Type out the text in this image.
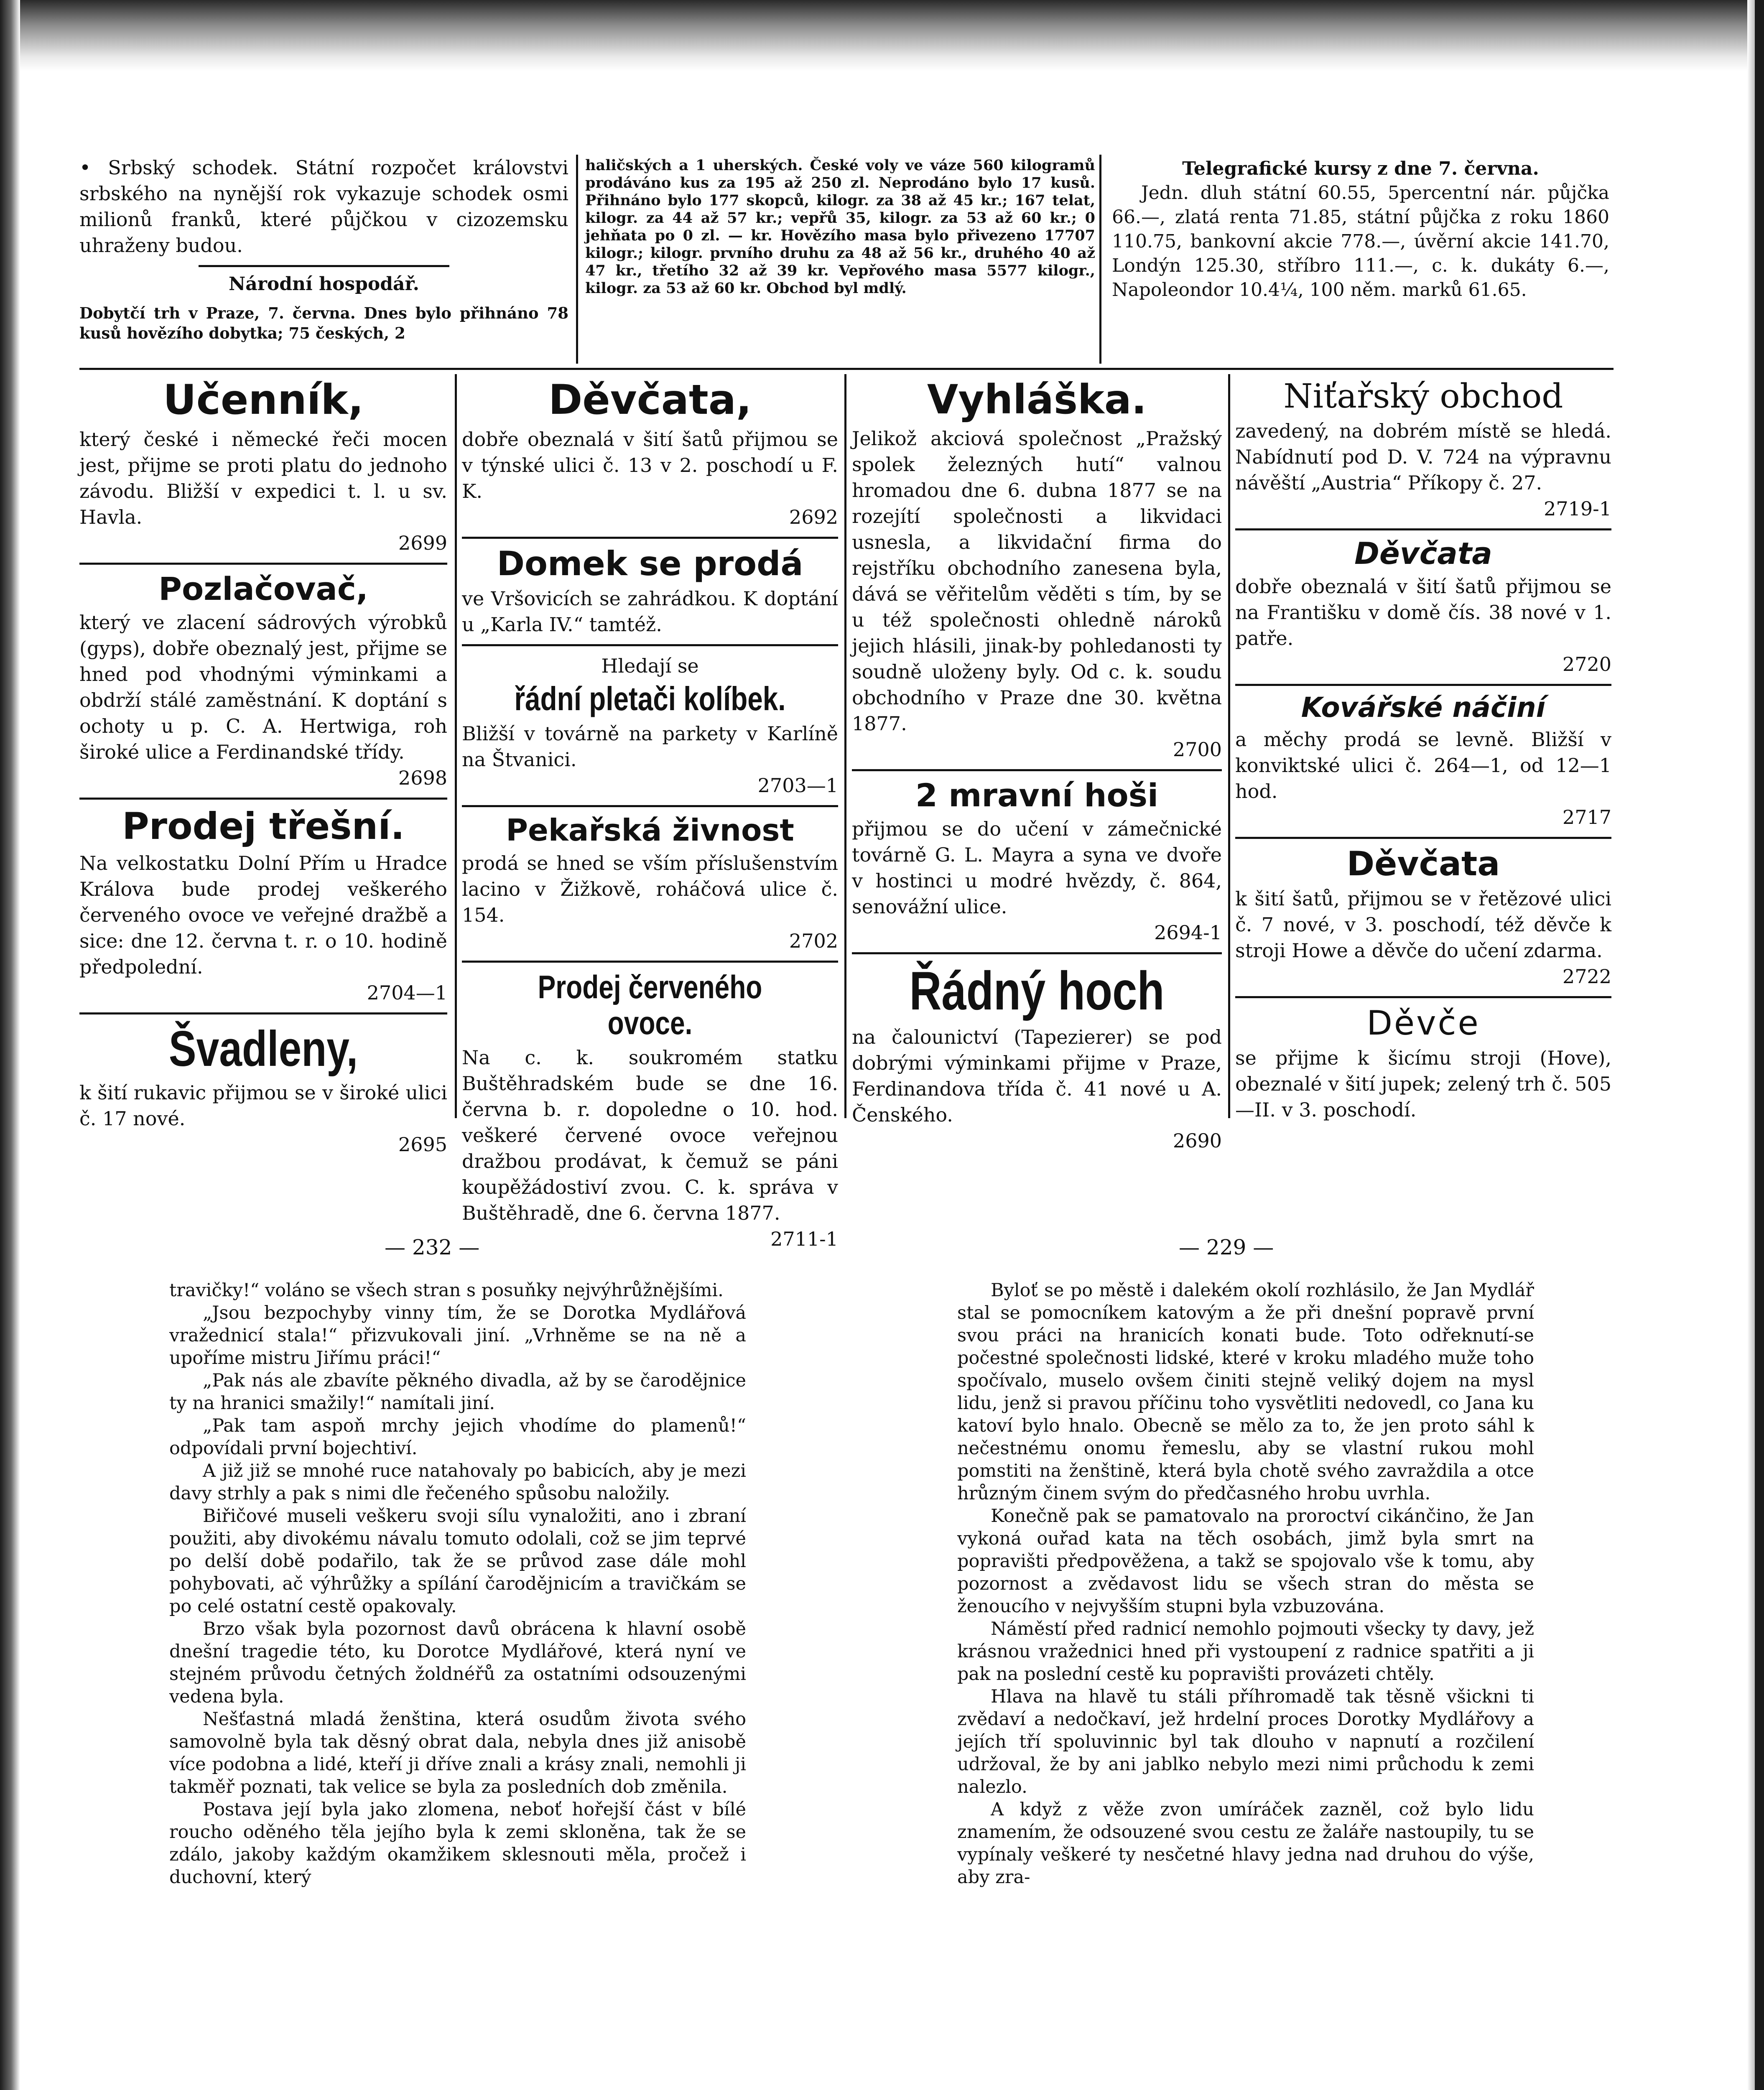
• Srbský schodek. Státní rozpočet královstvi srbského na nynější rok vykazuje schodek osmi milionů franků, které půjčkou v cizozemsku uhraženy budou.

Národní hospodář.

Dobytčí trh v Praze, 7. června. Dnes bylo přihnáno 78 kusů hovězího dobytka; 75 českých, 2

haličských a 1 uherských. České voly ve váze 560 kilogramů prodáváno kus za 195 až 250 zl. Neprodáno bylo 17 kusů. Přihnáno bylo 177 skopců, kilogr. za 38 až 45 kr.; 167 telat, kilogr. za 44 až 57 kr.; vepřů 35, kilogr. za 53 až 60 kr.; 0 jehňata po 0 zl. — kr. Hovězího masa bylo přivezeno 17707 kilogr.; kilogr. prvního druhu za 48 až 56 kr., druhého 40 až 47 kr., třetího 32 až 39 kr. Vepřového masa 5577 kilogr., kilogr. za 53 až 60 kr. Obchod byl mdlý.

Telegrafické kursy z dne 7. června.

Jedn. dluh státní 60.55, 5percentní nár. půjčka 66.—, zlatá renta 71.85, státní půjčka z roku 1860 110.75, bankovní akcie 778.—, úvěrní akcie 141.70, Londýn 125.30, stříbro 111.—, c. k. dukáty 6.—, Napoleondor 10.4¼, 100 něm. marků 61.65.

Učenník,

který české i německé řeči mocen jest, přijme se proti platu do jednoho závodu. Bližší v expedici t. l. u sv. Havla.

2699

Pozlačovač,

který ve zlacení sádrových výrobků (gyps), dobře obeznalý jest, přijme se hned pod vhodnými výminkami a obdrží stálé zaměstnání. K doptání s ochoty u p. C. A. Hertwiga, roh široké ulice a Ferdinandské třídy.

2698

Prodej třešní.

Na velkostatku Dolní Přím u Hradce Králova bude prodej veškerého červeného ovoce ve veřejné dražbě a sice: dne 12. června t. r. o 10. hodině předpolední.

2704—1

Švadleny,

k šití rukavic přijmou se v široké ulici č. 17 nové.

2695

Děvčata,

dobře obeznalá v šití šatů přijmou se v týnské ulici č. 13 v 2. poschodí u F. K.

2692

Domek se prodá

ve Vršovicích se zahrádkou. K doptání u „Karla IV.“ tamtéž.

Hledají se

řádní pletači kolíbek.

Bližší v továrně na parkety v Karlíně na Štvanici.

2703—1

Pekařská živnost

prodá se hned se vším příslušenstvím lacino v Žižkově, roháčová ulice č. 154.

2702

Prodej červeného ovoce.

Na c. k. soukromém statku Buštěhradském bude se dne 16. června b. r. dopoledne o 10. hod. veškeré červené ovoce veřejnou dražbou prodávat, k čemuž se páni koupěžádostiví zvou. C. k. správa v Buštěhradě, dne 6. června 1877.

2711-1

Vyhláška.

Jelikož akciová společnost „Pražský spolek železných hutí“ valnou hromadou dne 6. dubna 1877 se na rozejítí společnosti a likvidaci usnesla, a likvidační firma do rejstříku obchodního zanesena byla, dává se věřitelům věděti s tím, by se u též společnosti ohledně nároků jejich hlásili, jinak-by pohledanosti ty soudně uloženy byly. Od c. k. soudu obchodního v Praze dne 30. května 1877.

2700

2 mravní hoši

přijmou se do učení v zámečnické továrně G. L. Mayra a syna ve dvoře v hostinci u modré hvězdy, č. 864, senovážní ulice.

2694-1

Řádný hoch

na čalounictví (Tapezierer) se pod dobrými výminkami přijme v Praze, Ferdinandova třída č. 41 nové u A. Čenského.

2690

Niťařský obchod

zavedený, na dobrém místě se hledá. Nabídnutí pod D. V. 724 na výpravnu návěští „Austria“ Příkopy č. 27.

2719-1

Děvčata

dobře obeznalá v šití šatů přijmou se na Františku v domě čís. 38 nové v 1. patře.

2720

Kovářské náčiní

a měchy prodá se levně. Bližší v konviktské ulici č. 264—1, od 12—1 hod.

2717

Děvčata

k šití šatů, přijmou se v řetězové ulici č. 7 nové, v 3. poschodí, též děvče k stroji Howe a děvče do učení zdarma.

2722

Děvče

se přijme k šicímu stroji (Hove), obeznalé v šití jupek; zelený trh č. 505—II. v 3. poschodí.

— 232 —	— 229 —

travičky!“ voláno se všech stran s posuňky nejvýhrůžnějšími.

„Jsou bezpochyby vinny tím, že se Dorotka Mydlářová vražednicí stala!“ přizvukovali jiní. „Vrhněme se na ně a upoříme mistru Jiřímu práci!“

„Pak nás ale zbavíte pěkného divadla, až by se čarodějnice ty na hranici smažily!“ namítali jiní.

„Pak tam aspoň mrchy jejich vhodíme do plamenů!“ odpovídali první bojechtiví.

A již již se mnohé ruce natahovaly po babicích, aby je mezi davy strhly a pak s nimi dle řečeného spůsobu naložily.

Biřičové museli veškeru svoji sílu vynaložiti, ano i zbraní použiti, aby divokému návalu tomuto odolali, což se jim teprvé po delší době podařilo, tak že se průvod zase dále mohl pohybovati, ač výhrůžky a spílání čarodějnicím a travičkám se po celé ostatní cestě opakovaly.

Brzo však byla pozornost davů obrácena k hlavní osobě dnešní tragedie této, ku Dorotce Mydlářové, která nyní ve stejném průvodu četných žoldnéřů za ostatními odsouzenými vedena byla.

Nešťastná mladá ženština, která osudům života svého samovolně byla tak děsný obrat dala, nebyla dnes již anisobě více podobna a lidé, kteří ji dříve znali a krásy znali, nemohli ji takměř poznati, tak velice se byla za posledních dob změnila.

Postava její byla jako zlomena, neboť hořejší část v bílé roucho oděného těla jejího byla k zemi skloněna, tak že se zdálo, jakoby každým okamžikem sklesnouti měla, pročež i duchovní, který

Byloť se po městě i dalekém okolí rozhlásilo, že Jan Mydlář stal se pomocníkem katovým a že při dnešní popravě první svou práci na hranicích konati bude. Toto odřeknutí-se počestné společnosti lidské, které v kroku mladého muže toho spočívalo, muselo ovšem činiti stejně veliký dojem na mysl lidu, jenž si pravou příčinu toho vysvětliti nedovedl, co Jana ku katoví bylo hnalo. Obecně se mělo za to, že jen proto sáhl k nečestnému onomu řemeslu, aby se vlastní rukou mohl pomstiti na ženštině, která byla chotě svého zavraždila a otce hrůzným činem svým do předčasného hrobu uvrhla.

Konečně pak se pamatovalo na proroctví cikánčino, že Jan vykoná ouřad kata na těch osobách, jimž byla smrt na popravišti předpověžena, a takž se spojovalo vše k tomu, aby pozornost a zvědavost lidu se všech stran do města se ženoucího v nejvyšším stupni byla vzbuzována.

Náměstí před radnicí nemohlo pojmouti všecky ty davy, jež krásnou vražednici hned při vystoupení z radnice spatřiti a ji pak na poslední cestě ku popravišti provázeti chtěly.

Hlava na hlavě tu stáli příhromadě tak těsně všickni ti zvědaví a nedočkaví, jež hrdelní proces Dorotky Mydlářovy a jejích tří spoluvinnic byl tak dlouho v napnutí a rozčilení udržoval, že by ani jablko nebylo mezi nimi průchodu k zemi nalezlo.

A když z věže zvon umíráček zazněl, což bylo lidu znamením, že odsouzené svou cestu ze žaláře nastoupily, tu se vypínaly veškeré ty nesčetné hlavy jedna nad druhou do výše, aby zra-
